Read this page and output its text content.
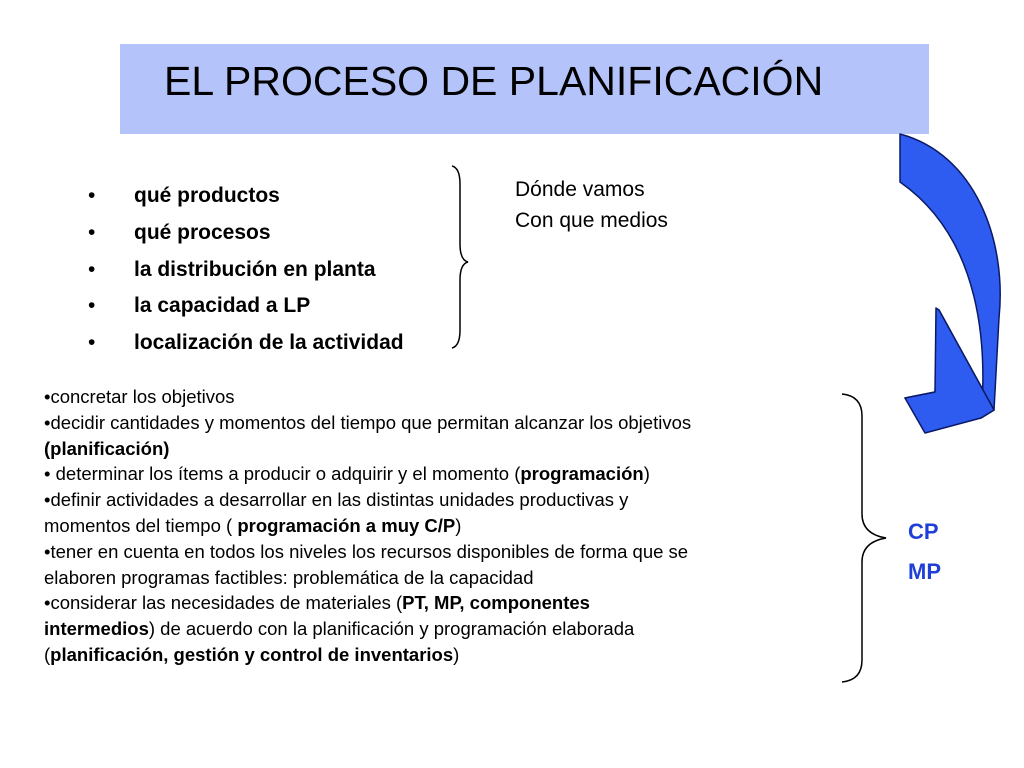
EL PROCESO DE PLANIFICACIÓN
• qué productos
• qué procesos
• la distribución en planta
• la capacidad a LP
• localización de la actividad
Dónde vamos
Con que medios

•concretar los objetivos

•decidir cantidades y momentos del tiempo que permitan alcanzar los objetivos

(planificación)

• determinar los ítems a producir o adquirir y el momento (programación)

•definir actividades a desarrollar en las distintas unidades productivas y

momentos del tiempo ( programación a muy C/P)

•tener en cuenta en todos los niveles los recursos disponibles de forma que se

elaboren programas factibles: problemática de la capacidad

•considerar las necesidades de materiales (PT, MP, componentes

intermedios) de acuerdo con la planificación y programación elaborada

(planificación, gestión y control de inventarios)

CP
MP
